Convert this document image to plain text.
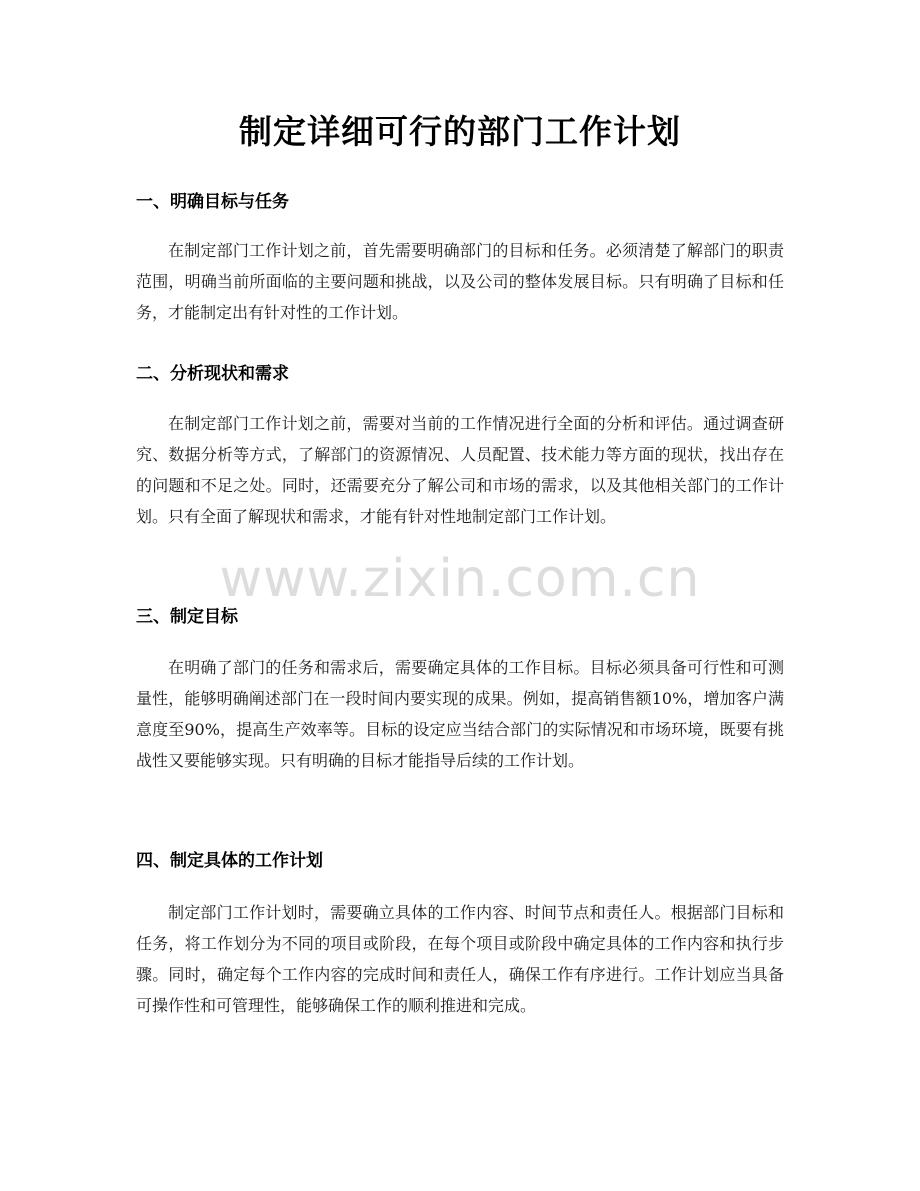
制定详细可行的部门工作计划
一、明确目标与任务
在制定部门工作计划之前，首先需要明确部门的目标和任务。必须清楚了解部门的职责范围，明确当前所面临的主要问题和挑战，以及公司的整体发展目标。只有明确了目标和任务，才能制定出有针对性的工作计划。
二、分析现状和需求
在制定部门工作计划之前，需要对当前的工作情况进行全面的分析和评估。通过调查研究、数据分析等方式，了解部门的资源情况、人员配置、技术能力等方面的现状，找出存在的问题和不足之处。同时，还需要充分了解公司和市场的需求，以及其他相关部门的工作计划。只有全面了解现状和需求，才能有针对性地制定部门工作计划。
三、制定目标
在明确了部门的任务和需求后，需要确定具体的工作目标。目标必须具备可行性和可测量性，能够明确阐述部门在一段时间内要实现的成果。例如，提高销售额10%，增加客户满意度至90%，提高生产效率等。目标的设定应当结合部门的实际情况和市场环境，既要有挑战性又要能够实现。只有明确的目标才能指导后续的工作计划。
四、制定具体的工作计划
制定部门工作计划时，需要确立具体的工作内容、时间节点和责任人。根据部门目标和任务，将工作划分为不同的项目或阶段，在每个项目或阶段中确定具体的工作内容和执行步骤。同时，确定每个工作内容的完成时间和责任人，确保工作有序进行。工作计划应当具备可操作性和可管理性，能够确保工作的顺利推进和完成。
www.zixin.com.cn
